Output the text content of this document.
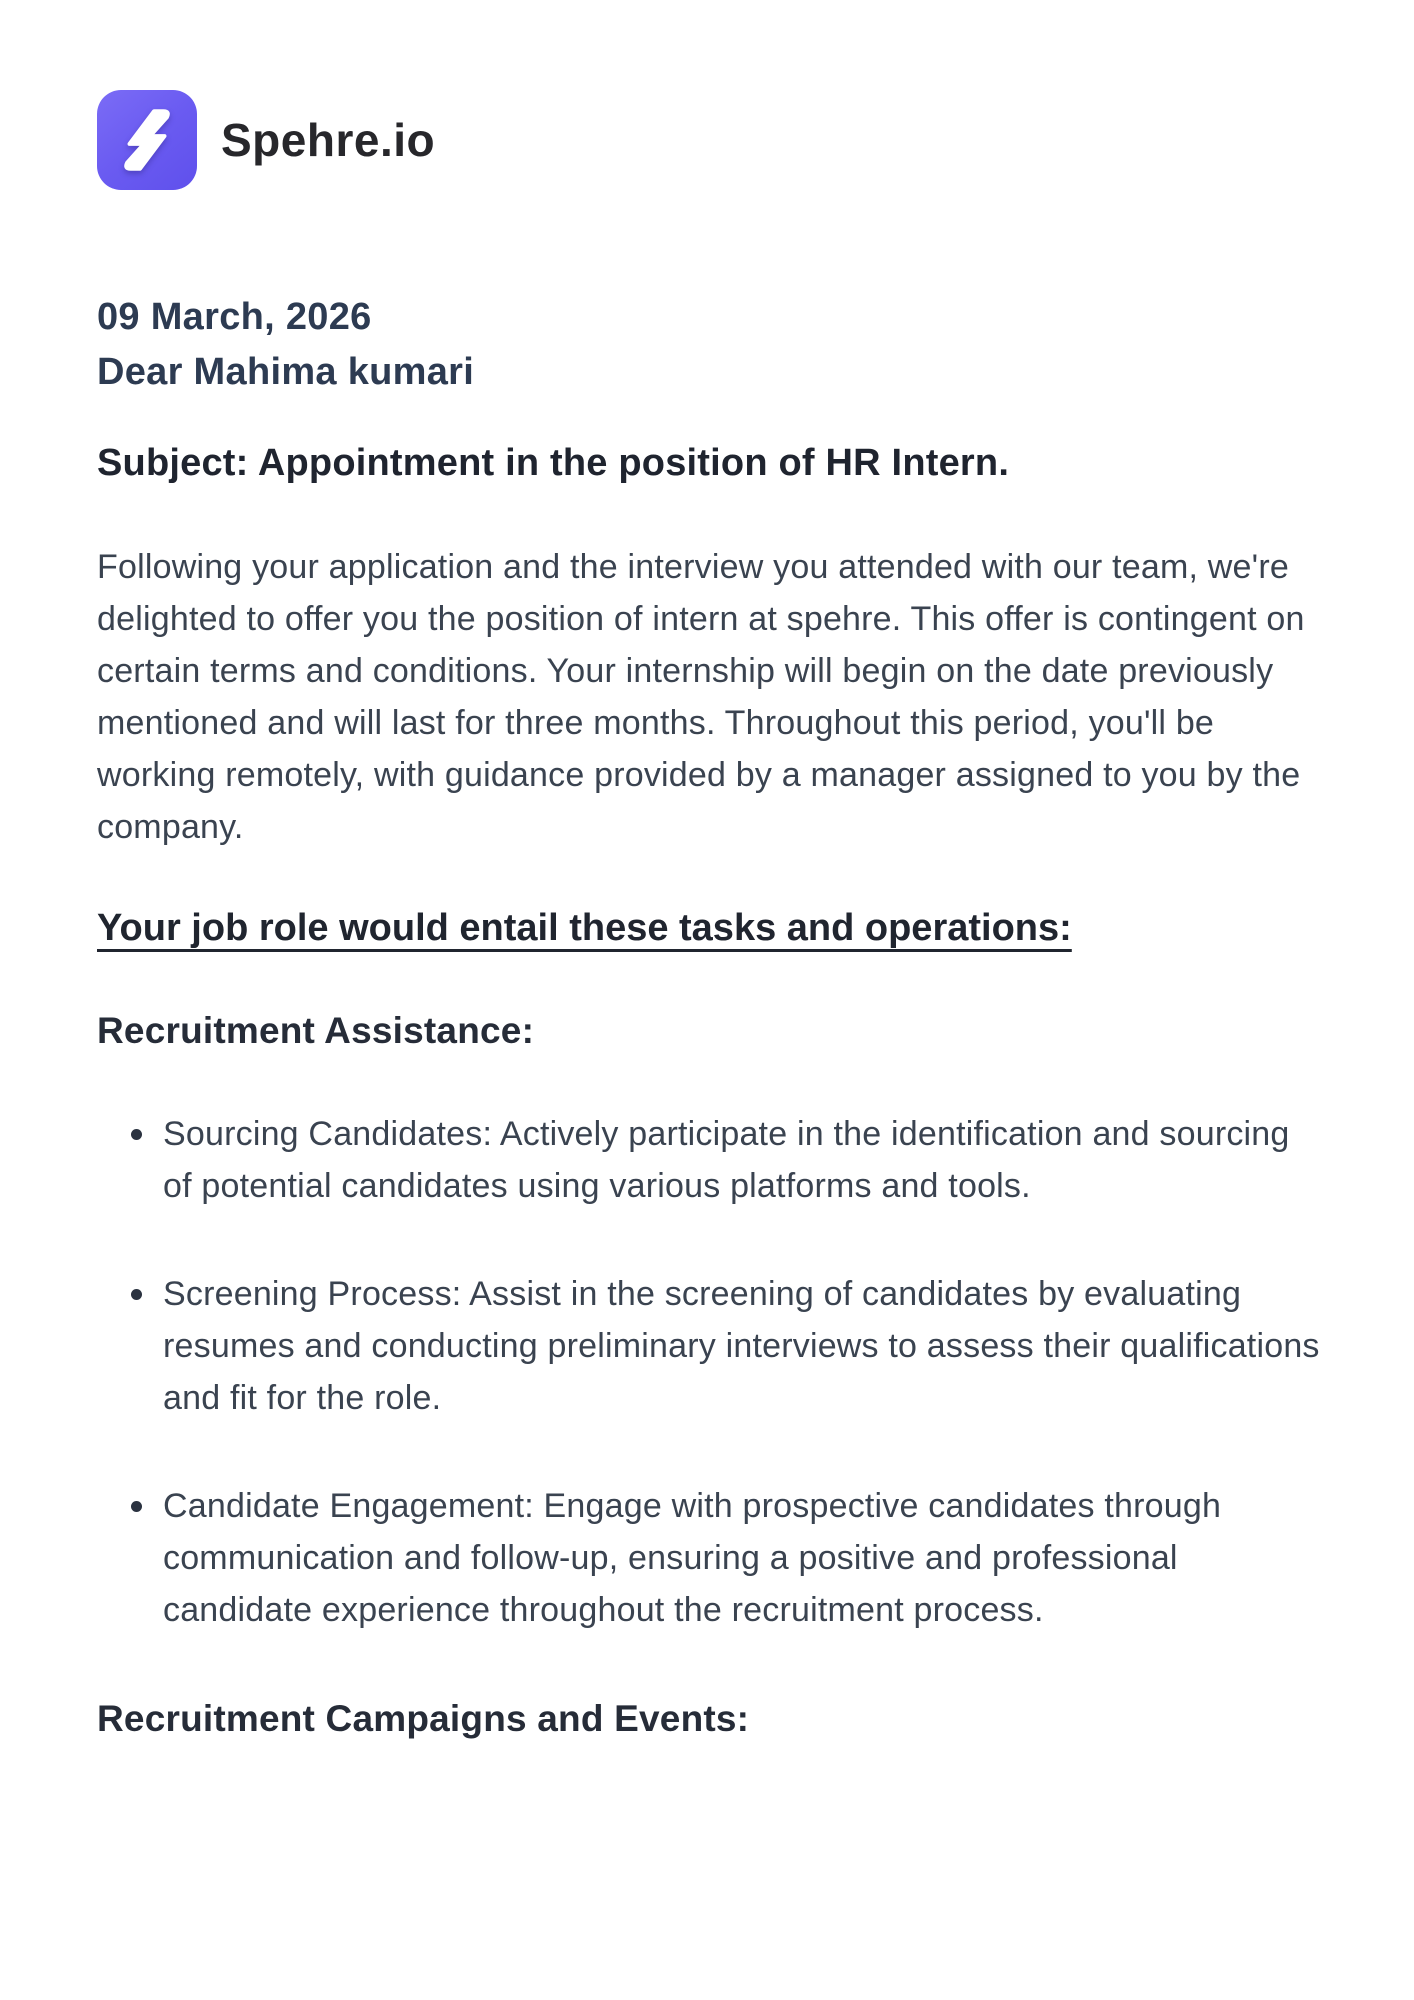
Spehre.io
09 March, 2026
Dear Mahima kumari
Subject: Appointment in the position of HR Intern.

Following your application and the interview you attended with our team, we're delighted to offer you the position of intern at spehre. This offer is contingent on certain terms and conditions. Your internship will begin on the date previously mentioned and will last for three months. Throughout this period, you'll be working remotely, with guidance provided by a manager assigned to you by the company.

Your job role would entail these tasks and operations:
Recruitment Assistance:
Sourcing Candidates: Actively participate in the identification and sourcing of potential candidates using various platforms and tools.
Screening Process: Assist in the screening of candidates by evaluating resumes and conducting preliminary interviews to assess their qualifications and fit for the role.
Candidate Engagement: Engage with prospective candidates through communication and follow-up, ensuring a positive and professional candidate experience throughout the recruitment process.
Recruitment Campaigns and Events:
